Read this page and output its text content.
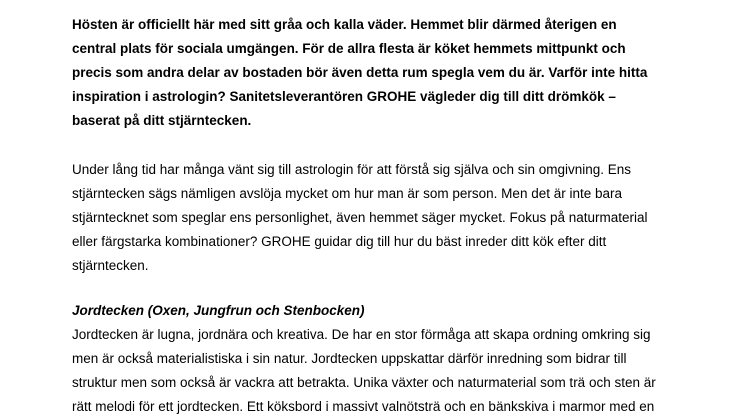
Hösten är officiellt här med sitt gråa och kalla väder. Hemmet blir därmed återigen en
central plats för sociala umgängen. För de allra flesta är köket hemmets mittpunkt och
precis som andra delar av bostaden bör även detta rum spegla vem du är. Varför inte hitta
inspiration i astrologin? Sanitetsleverantören GROHE vägleder dig till ditt drömkök –
baserat på ditt stjärntecken.
Under lång tid har många vänt sig till astrologin för att förstå sig själva och sin omgivning. Ens
stjärntecken sägs nämligen avslöja mycket om hur man är som person. Men det är inte bara
stjärntecknet som speglar ens personlighet, även hemmet säger mycket. Fokus på naturmaterial
eller färgstarka kombinationer? GROHE guidar dig till hur du bäst inreder ditt kök efter ditt
stjärntecken.
Jordtecken (Oxen, Jungfrun och Stenbocken)
Jordtecken är lugna, jordnära och kreativa. De har en stor förmåga att skapa ordning omkring sig
men är också materialistiska i sin natur. Jordtecken uppskattar därför inredning som bidrar till
struktur men som också är vackra att betrakta. Unika växter och naturmaterial som trä och sten är
rätt melodi för ett jordtecken. Ett köksbord i massivt valnötsträ och en bänkskiva i marmor med en
